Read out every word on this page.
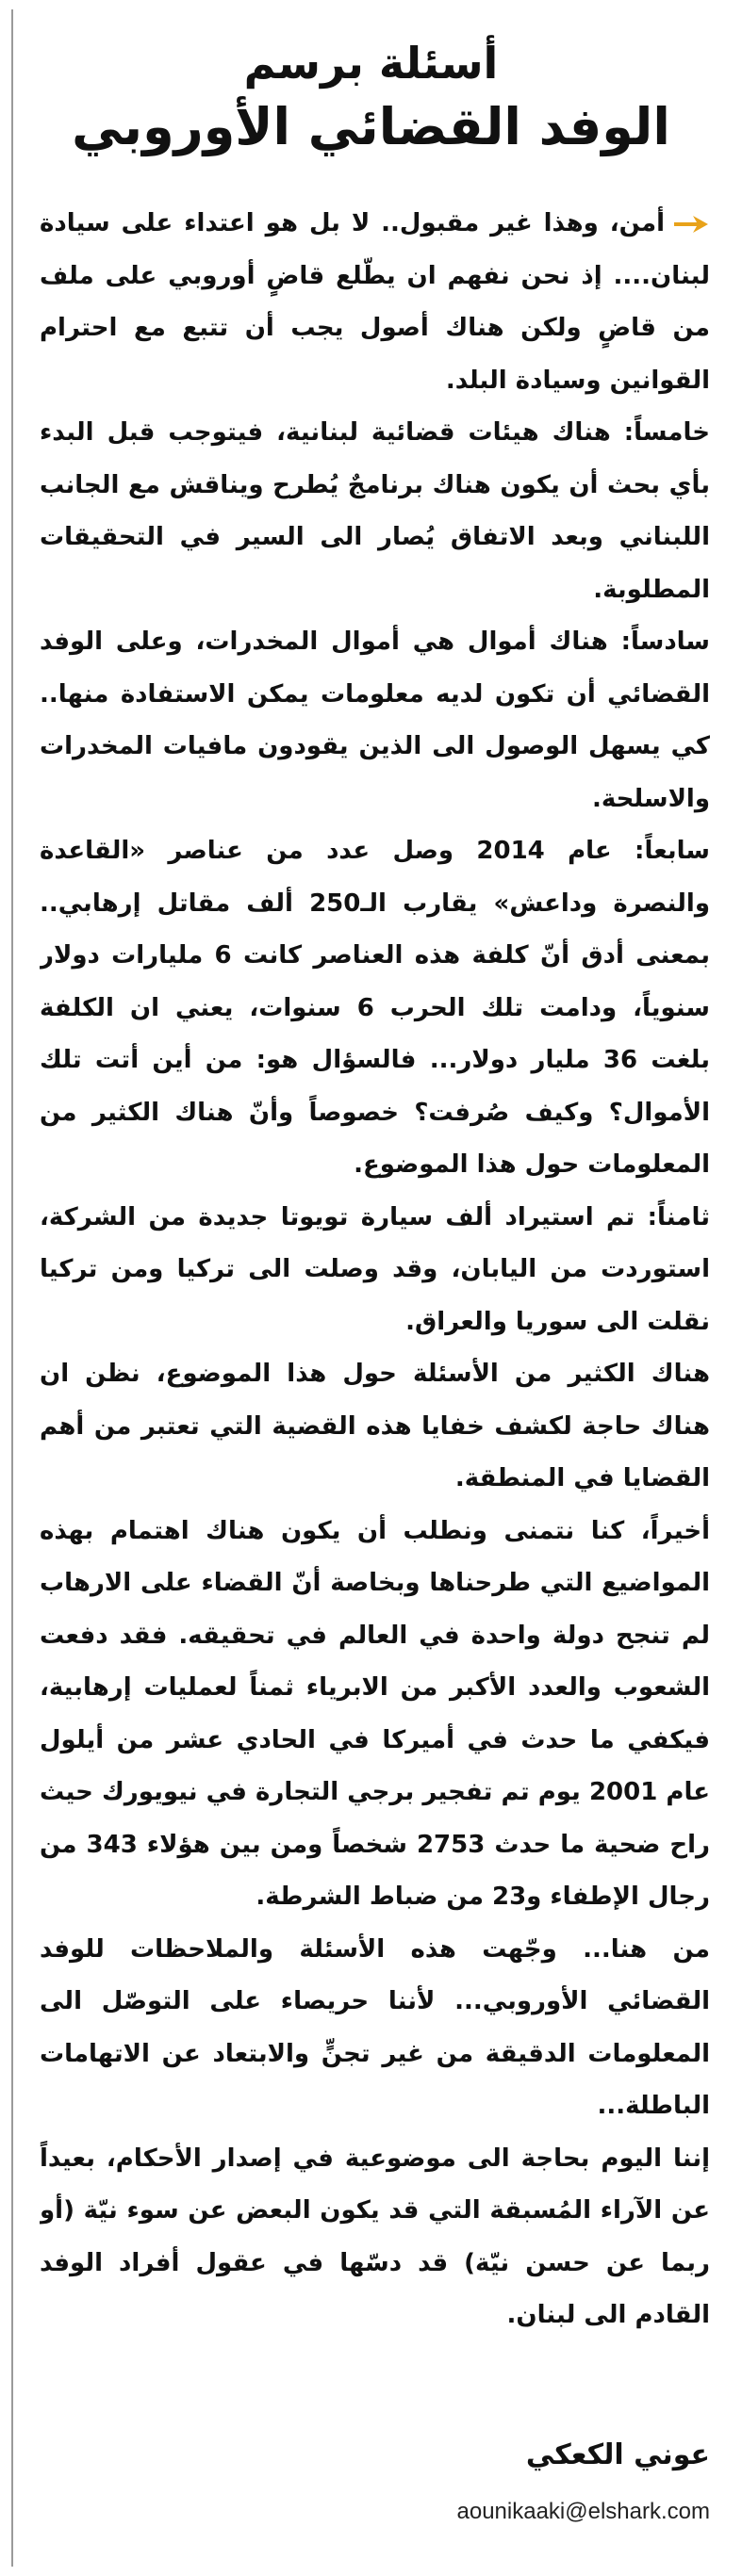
أسئلة برسم
الوفد القضائي الأوروبي

أمن، وهذا غير مقبول.. لا بل هو اعتداء على سيادة لبنان.... إذ نحن نفهم ان يطّلع قاضٍ أوروبي على ملف من قاضٍ ولكن هناك أصول يجب أن تتبع مع احترام القوانين وسيادة البلد.

خامساً: هناك هيئات قضائية لبنانية، فيتوجب قبل البدء بأي بحث أن يكون هناك برنامجٌ يُطرح ويناقش مع الجانب اللبناني وبعد الاتفاق يُصار الى السير في التحقيقات المطلوبة.

سادساً: هناك أموال هي أموال المخدرات، وعلى الوفد القضائي أن تكون لديه معلومات يمكن الاستفادة منها.. كي يسهل الوصول الى الذين يقودون مافيات المخدرات والاسلحة.

سابعاً: عام 2014 وصل عدد من عناصر «القاعدة والنصرة وداعش» يقارب الـ250 ألف مقاتل إرهابي.. بمعنى أدق أنّ كلفة هذه العناصر كانت 6 مليارات دولار سنوياً، ودامت تلك الحرب 6 سنوات، يعني ان الكلفة بلغت 36 مليار دولار... فالسؤال هو: من أين أتت تلك الأموال؟ وكيف صُرفت؟ خصوصاً وأنّ هناك الكثير من المعلومات حول هذا الموضوع.

ثامناً: تم استيراد ألف سيارة تويوتا جديدة من الشركة، استوردت من اليابان، وقد وصلت الى تركيا ومن تركيا نقلت الى سوريا والعراق.

هناك الكثير من الأسئلة حول هذا الموضوع، نظن ان هناك حاجة لكشف خفايا هذه القضية التي تعتبر من أهم القضايا في المنطقة.

أخيراً، كنا نتمنى ونطلب أن يكون هناك اهتمام بهذه المواضيع التي طرحناها وبخاصة أنّ القضاء على الارهاب لم تنجح دولة واحدة في العالم في تحقيقه. فقد دفعت الشعوب والعدد الأكبر من الابرياء ثمناً لعمليات إرهابية، فيكفي ما حدث في أميركا في الحادي عشر من أيلول عام 2001 يوم تم تفجير برجي التجارة في نيويورك حيث راح ضحية ما حدث 2753 شخصاً ومن بين هؤلاء 343 من رجال الإطفاء و23 من ضباط الشرطة.

من هنا... وجّهت هذه الأسئلة والملاحظات للوفد القضائي الأوروبي... لأننا حريصاء على التوصّل الى المعلومات الدقيقة من غير تجنٍّ والابتعاد عن الاتهامات الباطلة...

إننا اليوم بحاجة الى موضوعية في إصدار الأحكام، بعيداً عن الآراء المُسبقة التي قد يكون البعض عن سوء نيّة (أو ربما عن حسن نيّة) قد دسّها في عقول أفراد الوفد القادم الى لبنان.

عوني الكعكي
aounikaaki@elshark.com
